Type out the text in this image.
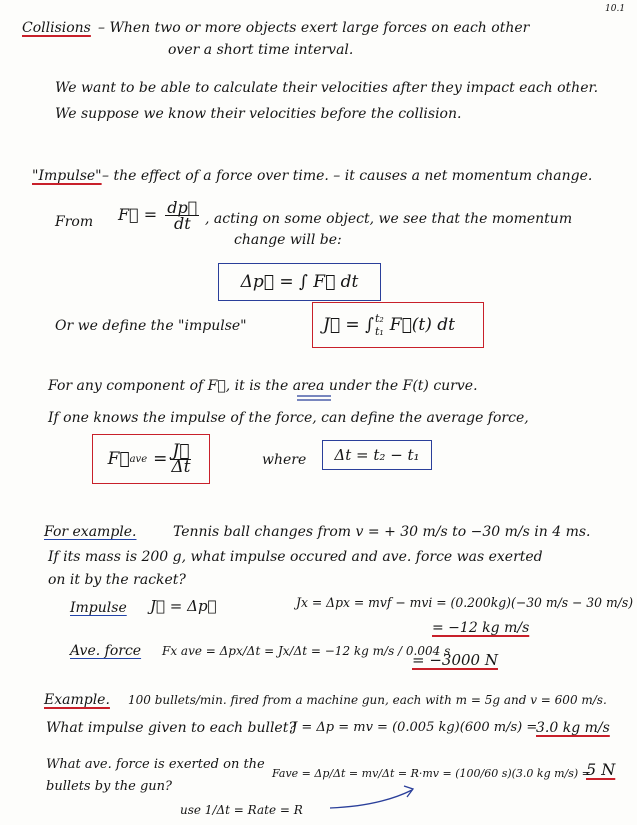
10.1
Collisions – When two or more objects exert large forces on each other
over a short time interval.
We want to be able to calculate their velocities after they impact each other.
We suppose we know their velocities before the collision.
"Impulse" – the effect of a force over time. – it causes a net momentum change.
From F⃗ = $\frac{dp⃗}{dt}$ , acting on some object, we see that the momentum
change will be:
Δp⃗ = ∫ F⃗ dt
Or we define the "impulse"	J⃗ = ∫ t₂
t₁ F⃗(t) dt
For any component of F⃗, it is the area under the F(t) curve.
If one knows the impulse of the force, can define the average force,
F⃗ ave = $\frac{J⃗}{\Delta t}$	where Δt = t₂ − t₁
For example.	Tennis ball changes from v = + 30 m/s to −30 m/s in 4 ms.
If its mass is 200 g, what impulse occured and ave. force was exerted
on it by the racket?
Impulse J⃗ = Δp⃗	Jx = Δpx = mvf − mvi = (0.200kg)(−30 m/s − 30 m/s)
= −12 kg m/s
Ave. force Fx ave = Δpx/Δt = Jx/Δt = −12 kg m/s / 0.004 s
= −3000 N
Example. 100 bullets/min. fired from a machine gun, each with m = 5g and v = 600 m/s.
What impulse given to each bullet?
J = Δp = mv = (0.005 kg)(600 m/s) =
3.0 kg m/s
What ave. force is exerted on the
bullets by the gun?
Fave = Δp/Δt = mv/Δt = R·mv = (100/60 s)(3.0 kg m/s) =
5 N
use 1/Δt = Rate = R
